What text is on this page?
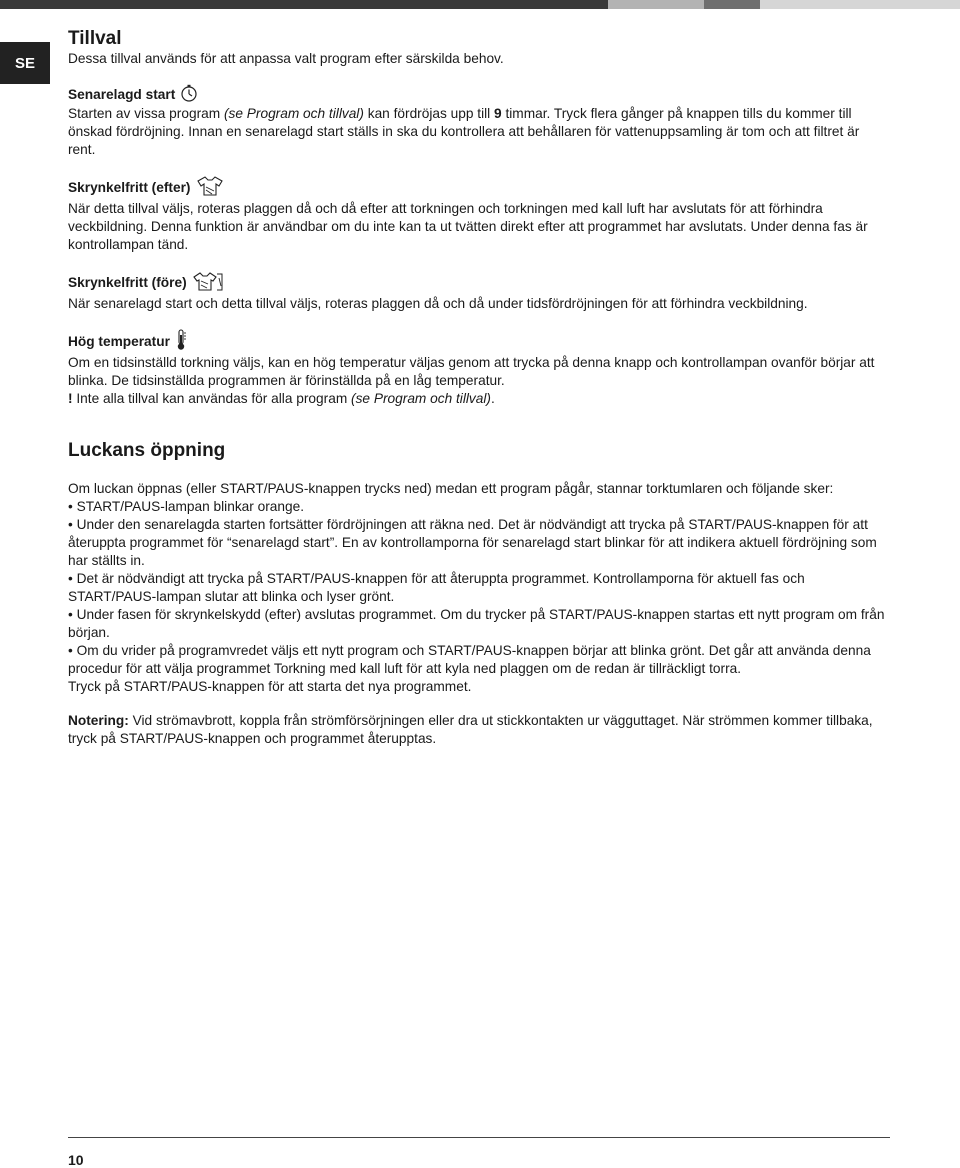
SE
Tillval

Dessa tillval används för att anpassa valt program efter särskilda behov.

Senarelagd start

Starten av vissa program (se Program och tillval) kan fördröjas upp till 9 timmar. Tryck flera gånger på knappen tills du kommer till önskad fördröjning. Innan en senarelagd start ställs in ska du kontrollera att behållaren för vattenuppsamling är tom och att filtret är rent.

Skrynkelfritt (efter)

När detta tillval väljs, roteras plaggen då och då efter att torkningen och torkningen med kall luft har avslutats för att förhindra veckbildning. Denna funktion är användbar om du inte kan ta ut tvätten direkt efter att programmet har avslutats. Under denna fas är kontrollampan tänd.

Skrynkelfritt (före)

När senarelagd start och detta tillval väljs, roteras plaggen då och då under tidsfördröjningen för att förhindra veckbildning.

Hög temperatur

Om en tidsinställd torkning väljs, kan en hög temperatur väljas genom att trycka på denna knapp och kontrollampan ovanför börjar att blinka. De tidsinställda programmen är förinställda på en låg temperatur.

! Inte alla tillval kan användas för alla program (se Program och tillval).

Luckans öppning

Om luckan öppnas (eller START/PAUS-knappen trycks ned) medan ett program pågår, stannar torktumlaren och följande sker:

• START/PAUS-lampan blinkar orange.

• Under den senarelagda starten fortsätter fördröjningen att räkna ned. Det är nödvändigt att trycka på START/PAUS-knappen för att återuppta programmet för “senarelagd start”. En av kontrollamporna för senarelagd start blinkar för att indikera aktuell fördröjning som har ställts in.

• Det är nödvändigt att trycka på START/PAUS-knappen för att återuppta programmet. Kontrollamporna för aktuell fas och START/PAUS-lampan slutar att blinka och lyser grönt.

• Under fasen för skrynkelskydd (efter) avslutas programmet. Om du trycker på START/PAUS-knappen startas ett nytt program om från början.

• Om du vrider på programvredet väljs ett nytt program och START/PAUS-knappen börjar att blinka grönt. Det går att använda denna procedur för att välja programmet Torkning med kall luft för att kyla ned plaggen om de redan är tillräckligt torra.

Tryck på START/PAUS-knappen för att starta det nya programmet.

Notering: Vid strömavbrott, koppla från strömförsörjningen eller dra ut stickkontakten ur vägguttaget. När strömmen kommer tillbaka, tryck på START/PAUS-knappen och programmet återupptas.

10
